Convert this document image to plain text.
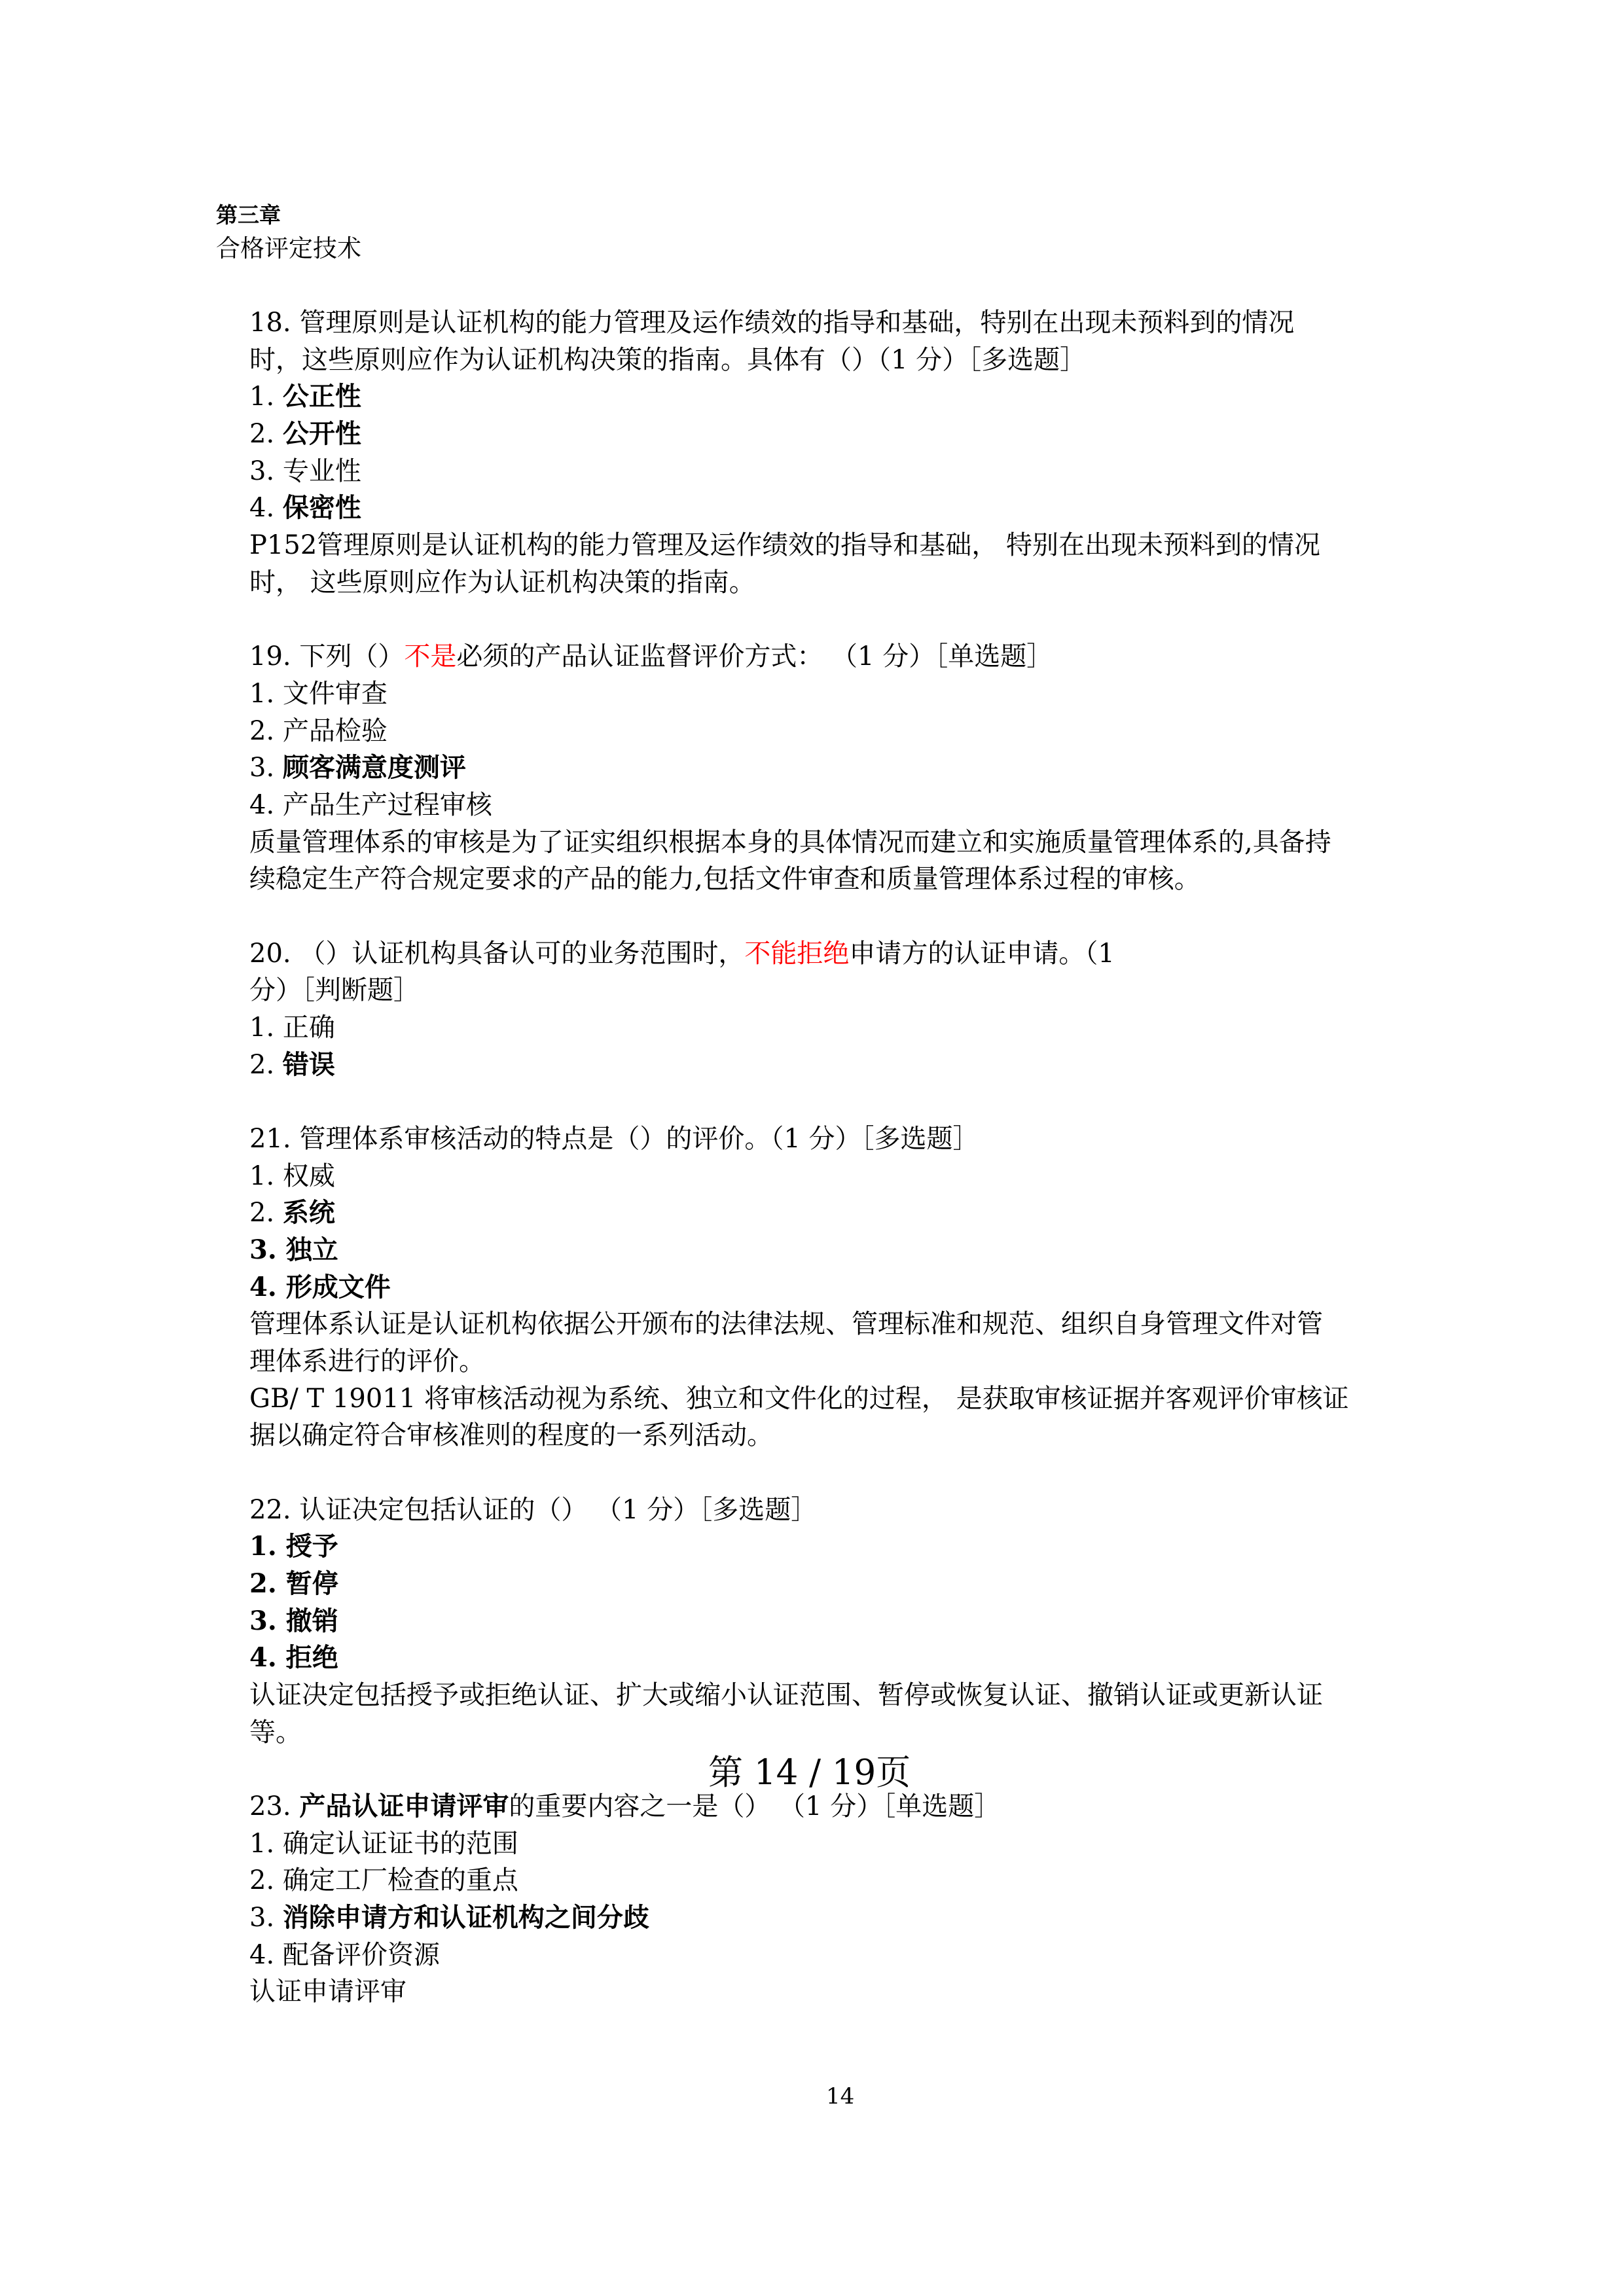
第三章
合格评定技术
18. 管理原则是认证机构的能力管理及运作绩效的指导和基础，特别在出现未预料到的情况
时，这些原则应作为认证机构决策的指南。具体有（）（1 分）［多选题］
1. 公正性
2. 公开性
3. 专业性
4. 保密性
P152管理原则是认证机构的能力管理及运作绩效的指导和基础， 特别在出现未预料到的情况
时， 这些原则应作为认证机构决策的指南。
19. 下列（）不是必须的产品认证监督评价方式： （1 分）［单选题］
1. 文件审查
2. 产品检验
3. 顾客满意度测评
4. 产品生产过程审核
质量管理体系的审核是为了证实组织根据本身的具体情况而建立和实施质量管理体系的,具备持
续稳定生产符合规定要求的产品的能力,包括文件审查和质量管理体系过程的审核。
20. （）认证机构具备认可的业务范围时，不能拒绝申请方的认证申请。（1
分）［判断题］
1. 正确
2. 错误
21. 管理体系审核活动的特点是（）的评价。（1 分）［多选题］
1. 权威
2. 系统
3. 独立
4. 形成文件
管理体系认证是认证机构依据公开颁布的法律法规、管理标准和规范、组织自身管理文件对管
理体系进行的评价。
GB/ T 19011 将审核活动视为系统、独立和文件化的过程， 是获取审核证据并客观评价审核证
据以确定符合审核准则的程度的一系列活动。
22. 认证决定包括认证的（） （1 分）［多选题］
1. 授予
2. 暂停
3. 撤销
4. 拒绝
认证决定包括授予或拒绝认证、扩大或缩小认证范围、暂停或恢复认证、撤销认证或更新认证
等。
23. 产品认证申请评审的重要内容之一是（） （1 分）［单选题］
1. 确定认证证书的范围
2. 确定工厂检查的重点
3. 消除申请方和认证机构之间分歧
4. 配备评价资源
认证申请评审
第 14 / 19页
14
